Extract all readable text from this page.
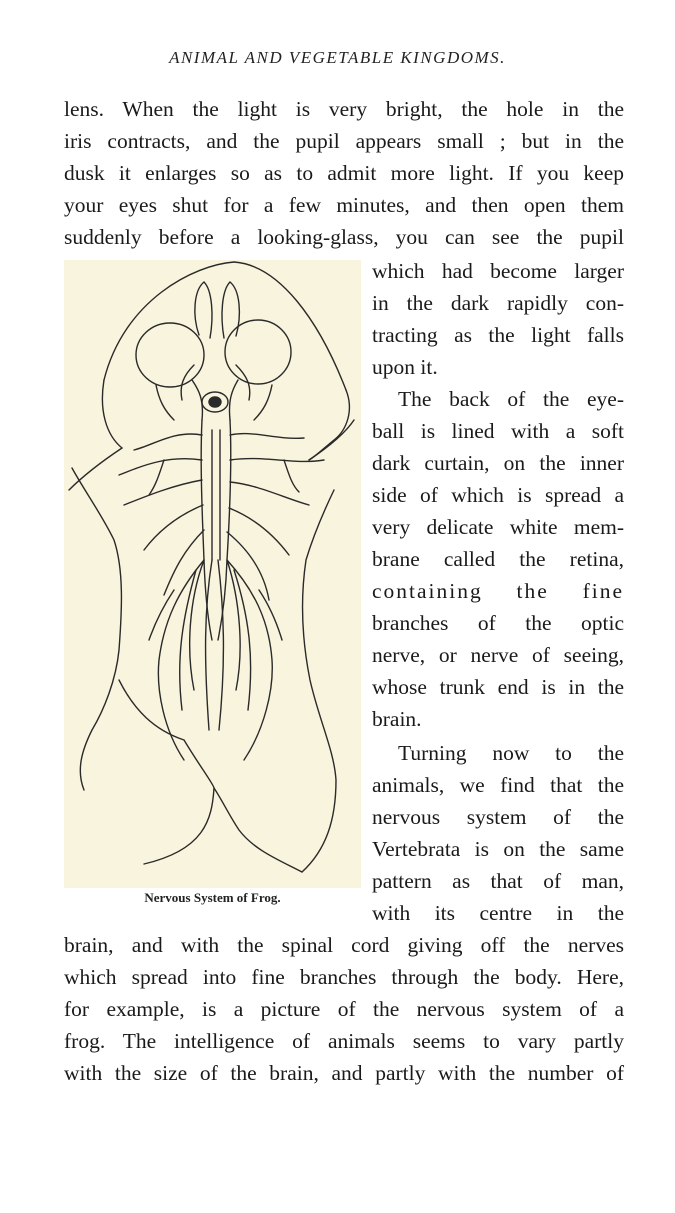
ANIMAL AND VEGETABLE KINGDOMS.
lens. When the light is very bright, the hole in the
iris contracts, and the pupil appears small ; but in the
dusk it enlarges so as to admit more light. If you keep
your eyes shut for a few minutes, and then open them
suddenly before a looking-glass, you can see the pupil
which had become larger
in the dark rapidly con-
tracting as the light falls
upon it.
The back of the eye-
ball is lined with a soft
dark curtain, on the inner
side of which is spread a
very delicate white mem-
brane called the retina,
containing the fine
branches of the optic
nerve, or nerve of seeing,
whose trunk end is in the
brain.
Turning now to the
animals, we find that the
nervous system of the
Vertebrata is on the same
pattern as that of man,
with its centre in the
brain, and with the spinal cord giving off the nerves
which spread into fine branches through the body. Here,
for example, is a picture of the nervous system of a
frog. The intelligence of animals seems to vary partly
with the size of the brain, and partly with the number of
Nervous System of Frog.
